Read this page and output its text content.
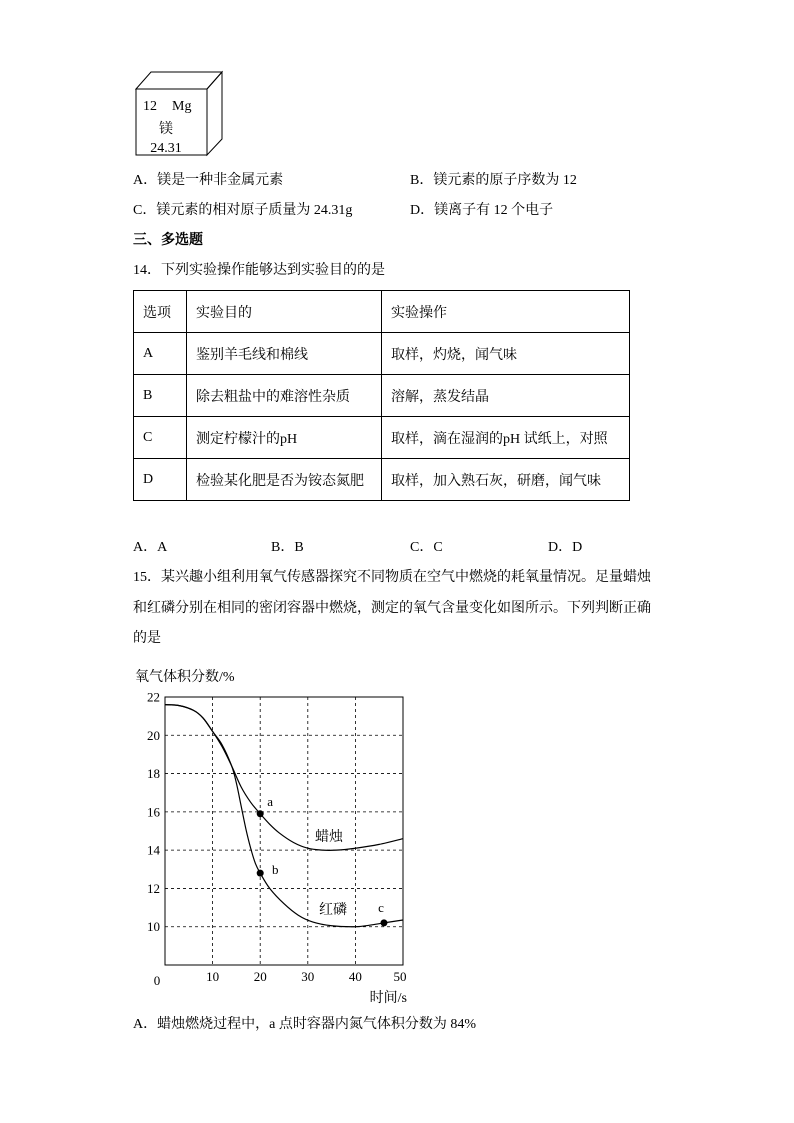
12 Mg
镁
24.31
A．镁是一种非金属元素	B．镁元素的原子序数为 12
C．镁元素的相对原子质量为 24.31g	D．镁离子有 12 个电子
三、多选题
14．下列实验操作能够达到实验目的的是
选项	实验目的	实验操作
A	鉴别羊毛线和棉线	取样，灼烧，闻气味
B	除去粗盐中的难溶性杂质	溶解，蒸发结晶
C	测定柠檬汁的pH	取样，滴在湿润的pH 试纸上，对照
D	检验某化肥是否为铵态氮肥	取样，加入熟石灰，研磨，闻气味
A．A	B．B	C．C	D．D
15．某兴趣小组利用氧气传感器探究不同物质在空气中燃烧的耗氧量情况。足量蜡烛
和红磷分别在相同的密闭容器中燃烧，测定的氧气含量变化如图所示。下列判断正确
的是
22
20
18
16
14
12
10
10	20	30	40 50
0
氧气体积分数/%
时间/s
蜡烛
红磷
a
b
c
A．蜡烛燃烧过程中，a 点时容器内氮气体积分数为 84%
